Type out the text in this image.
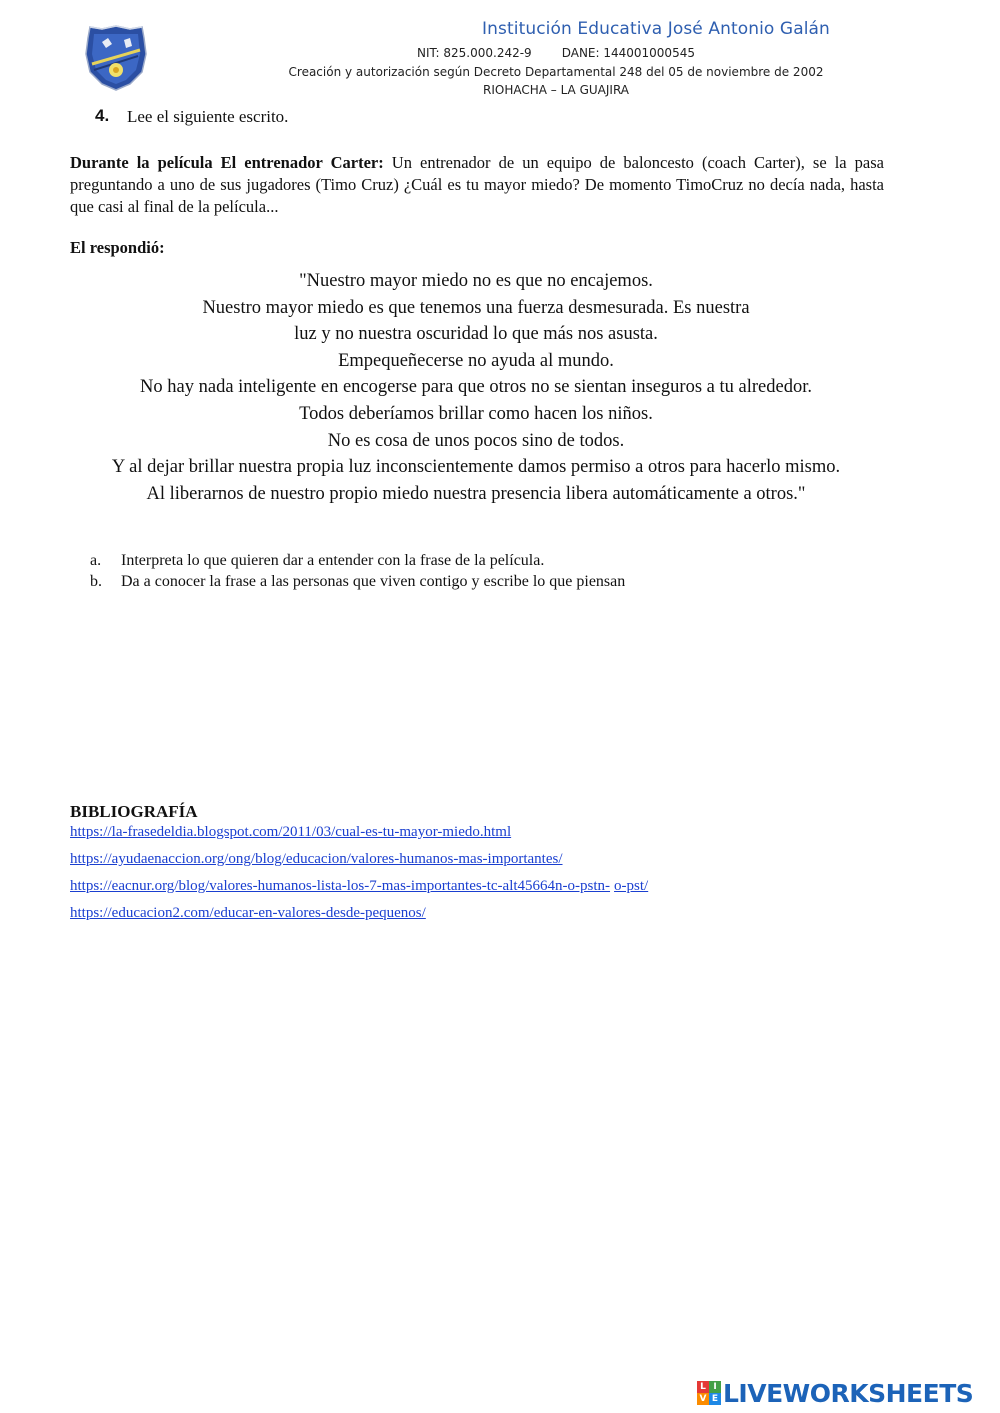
Institución Educativa José Antonio Galán
NIT: 825.000.242-9	DANE: 144001000545
Creación y autorización según Decreto Departamental 248 del 05 de noviembre de 2002
RIOHACHA – LA GUAJIRA
4. Lee el siguiente escrito.
Durante la película El entrenador Carter: Un entrenador de un equipo de baloncesto (coach Carter), se la pasa preguntando a uno de sus jugadores (Timo Cruz) ¿Cuál es tu mayor miedo? De momento TimoCruz no decía nada, hasta que casi al final de la película...
El respondió:
"Nuestro mayor miedo no es que no encajemos.
Nuestro mayor miedo es que tenemos una fuerza desmesurada. Es nuestra
luz y no nuestra oscuridad lo que más nos asusta.
Empequeñecerse no ayuda al mundo.
No hay nada inteligente en encogerse para que otros no se sientan inseguros a tu alrededor.
Todos deberíamos brillar como hacen los niños.
No es cosa de unos pocos sino de todos.
Y al dejar brillar nuestra propia luz inconscientemente damos permiso a otros para hacerlo mismo.
Al liberarnos de nuestro propio miedo nuestra presencia libera automáticamente a otros."
a.	Interpreta lo que quieren dar a entender con la frase de la película.
b.	Da a conocer la frase a las personas que viven contigo y escribe lo que piensan
BIBLIOGRAFÍA
https://la-frasedeldia.blogspot.com/2011/03/cual-es-tu-mayor-miedo.html
https://ayudaenaccion.org/ong/blog/educacion/valores-humanos-mas-importantes/
https://eacnur.org/blog/valores-humanos-lista-los-7-mas-importantes-tc-alt45664n-o-pstn- o-pst/
https://educacion2.com/educar-en-valores-desde-pequenos/
L I
V E LIVEWORKSHEETS
